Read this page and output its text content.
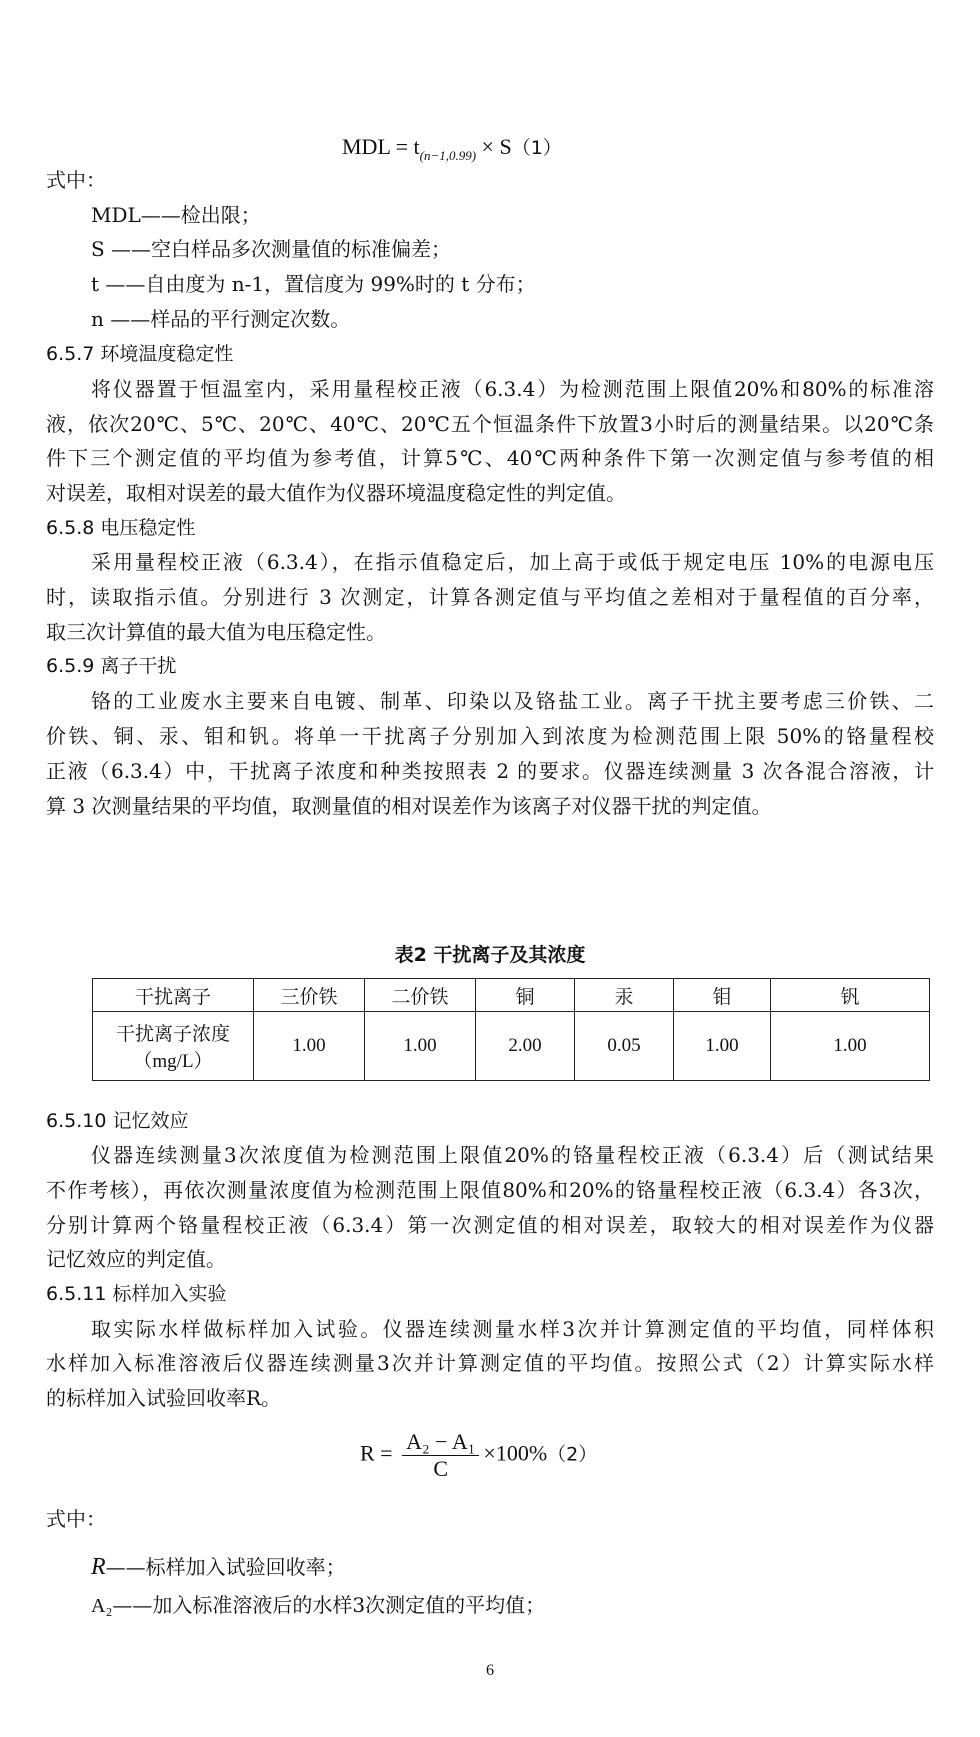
MDL = $t_{(n-1,0.99)} \times S(1)$
式中：
MDL——检出限；
S ——空白样品多次测量值的标准偏差；
t ——自由度为 n-1，置信度为 99%时的 t 分布；
n ——样品的平行测定次数。
6.5.7 环境温度稳定性
将仪器置于恒温室内，采用量程校正液（6.3.4）为检测范围上限值20%和80%的标准溶
液，依次20℃、5℃、20℃、40℃、20℃五个恒温条件下放置3小时后的测量结果。以20℃条
件下三个测定值的平均值为参考值，计算5℃、40℃两种条件下第一次测定值与参考值的相
对误差，取相对误差的最大值作为仪器环境温度稳定性的判定值。
6.5.8 电压稳定性
采用量程校正液（6.3.4），在指示值稳定后，加上高于或低于规定电压 10%的电源电压
时，读取指示值。分别进行 3 次测定，计算各测定值与平均值之差相对于量程值的百分率，
取三次计算值的最大值为电压稳定性。
6.5.9 离子干扰
铬的工业废水主要来自电镀、制革、印染以及铬盐工业。离子干扰主要考虑三价铁、二
价铁、铜、汞、钼和钒。将单一干扰离子分别加入到浓度为检测范围上限 50%的铬量程校
正液（6.3.4）中，干扰离子浓度和种类按照表 2 的要求。仪器连续测量 3 次各混合溶液，计
算 3 次测量结果的平均值，取测量值的相对误差作为该离子对仪器干扰的判定值。
表2 干扰离子及其浓度
干扰离子	三价铁	二价铁	铜	汞	钼	钒

干扰离子浓度
（mg/L）	1.00	1.00	2.00	0.05	1.00	1.00
6.5.10 记忆效应
仪器连续测量3次浓度值为检测范围上限值20%的铬量程校正液（6.3.4）后（测试结果
不作考核），再依次测量浓度值为检测范围上限值80%和20%的铬量程校正液（6.3.4）各3次，
分别计算两个铬量程校正液（6.3.4）第一次测定值的相对误差，取较大的相对误差作为仪器
记忆效应的判定值。
6.5.11 标样加入实验
取实际水样做标样加入试验。仪器连续测量水样3次并计算测定值的平均值，同样体积
水样加入标准溶液后仪器连续测量3次并计算测定值的平均值。按照公式（2）计算实际水样
的标样加入试验回收率R。
$R = \frac{\text{A₂ − A₁}}{C} \times 100\%(2)$
式中：
R——标样加入试验回收率；
A₂——加入标准溶液后的水样3次测定值的平均值；
6
